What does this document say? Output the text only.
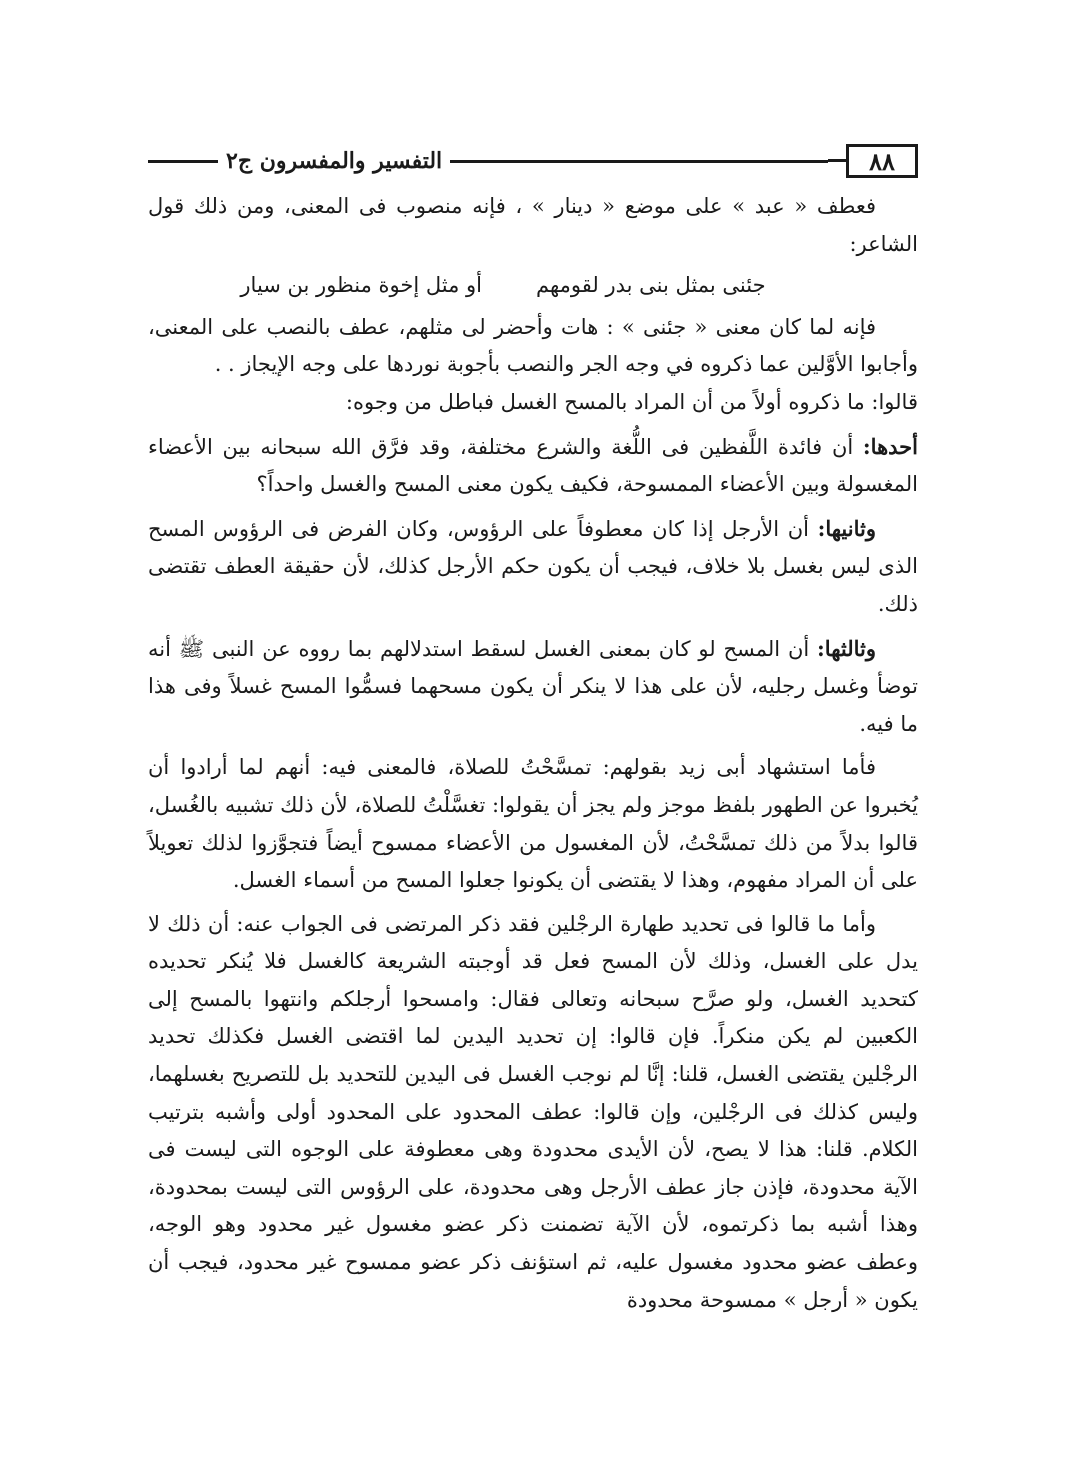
٨٨
التفسير والمفسرون ج٢

فعطف « عبد » على موضع « دينار » ، فإنه منصوب فى المعنى، ومن ذلك قول الشاعر:

جئنى بمثل بنى بدر لقومهم
أو مثل إخوة منظور بن سيار

فإنه لما كان معنى « جئنى » : هات وأحضر لى مثلهم، عطف بالنصب على المعنى، وأجابوا الأوَّلين عما ذكروه في وجه الجر والنصب بأجوبة نوردها على وجه الإيجاز . .

قالوا: ما ذكروه أولاً من أن المراد بالمسح الغسل فباطل من وجوه:

أحدها: أن فائدة اللَّفظين فى اللُّغة والشرع مختلفة، وقد فرَّق الله سبحانه بين الأعضاء المغسولة وبين الأعضاء الممسوحة، فكيف يكون معنى المسح والغسل واحداً؟

وثانيها: أن الأرجل إذا كان معطوفاً على الرؤوس، وكان الفرض فى الرؤوس المسح الذى ليس بغسل بلا خلاف، فيجب أن يكون حكم الأرجل كذلك، لأن حقيقة العطف تقتضى ذلك.

وثالثها: أن المسح لو كان بمعنى الغسل لسقط استدلالهم بما رووه عن النبى ﷺ أنه توضأ وغسل رجليه، لأن على هذا لا ينكر أن يكون مسحهما فسمُّوا المسح غسلاً وفى هذا ما فيه.

فأما استشهاد أبى زيد بقولهم: تمسَّحْتُ للصلاة، فالمعنى فيه: أنهم لما أرادوا أن يُخبروا عن الطهور بلفظ موجز ولم يجز أن يقولوا: تغسَّلْتُ للصلاة، لأن ذلك تشبيه بالغُسل، قالوا بدلاً من ذلك تمسَّحْتُ، لأن المغسول من الأعضاء ممسوح أيضاً فتجوَّزوا لذلك تعويلاً على أن المراد مفهوم، وهذا لا يقتضى أن يكونوا جعلوا المسح من أسماء الغسل.

وأما ما قالوا فى تحديد طهارة الرجْلين فقد ذكر المرتضى فى الجواب عنه: أن ذلك لا يدل على الغسل، وذلك لأن المسح فعل قد أوجبته الشريعة كالغسل فلا يُنكر تحديده كتحديد الغسل، ولو صرَّح سبحانه وتعالى فقال: وامسحوا أرجلكم وانتهوا بالمسح إلى الكعبين لم يكن منكراً. فإن قالوا: إن تحديد اليدين لما اقتضى الغسل فكذلك تحديد الرجْلين يقتضى الغسل، قلنا: إنَّا لم نوجب الغسل فى اليدين للتحديد بل للتصريح بغسلهما، وليس كذلك فى الرجْلين، وإن قالوا: عطف المحدود على المحدود أولى وأشبه بترتيب الكلام. قلنا: هذا لا يصح، لأن الأيدى محدودة وهى معطوفة على الوجوه التى ليست فى الآية محدودة، فإذن جاز عطف الأرجل وهى محدودة، على الرؤوس التى ليست بمحدودة، وهذا أشبه بما ذكرتموه، لأن الآية تضمنت ذكر عضو مغسول غير محدود وهو الوجه، وعطف عضو محدود مغسول عليه، ثم استؤنف ذكر عضو ممسوح غير محدود، فيجب أن يكون « أرجل » ممسوحة محدودة
